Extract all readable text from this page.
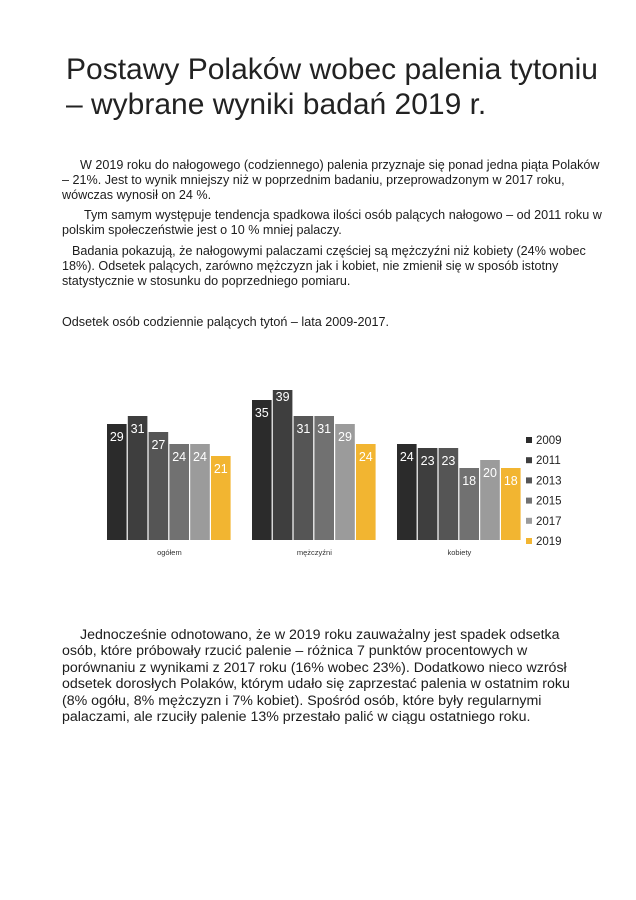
Postawy Polaków wobec palenia tytoniu – wybrane wyniki badań 2019 r.

W 2019 roku do nałogowego (codziennego) palenia przyznaje się ponad jedna piąta Polaków – 21%. Jest to wynik mniejszy niż w poprzednim badaniu, przeprowadzonym w 2017 roku, wówczas wynosił on 24 %.

Tym samym występuje tendencja spadkowa ilości osób palących nałogowo – od 2011 roku w polskim społeczeństwie jest o 10 % mniej palaczy.

Badania pokazują, że nałogowymi palaczami częściej są mężczyźni niż kobiety (24% wobec 18%). Odsetek palących, zarówno mężczyzn jak i kobiet, nie zmienił się w sposób istotny statystycznie w stosunku do poprzedniego pomiaru.

Odsetek osób codziennie palących tytoń – lata 2009-2017.

29
31
27
24 24
21
ogółem
35
39
31 31
29
24
mężczyźni
24 23 23
18
20
18
kobiety
2009
2011
2013
2015
2017
2019

Jednocześnie odnotowano, że w 2019 roku zauważalny jest spadek odsetka osób, które próbowały rzucić palenie – różnica 7 punktów procentowych w porównaniu z wynikami z 2017 roku (16% wobec 23%). Dodatkowo nieco wzrósł odsetek dorosłych Polaków, którym udało się zaprzestać palenia w ostatnim roku (8% ogółu, 8% mężczyzn i 7% kobiet). Spośród osób, które były regularnymi palaczami, ale rzuciły palenie 13% przestało palić w ciągu ostatniego roku.
